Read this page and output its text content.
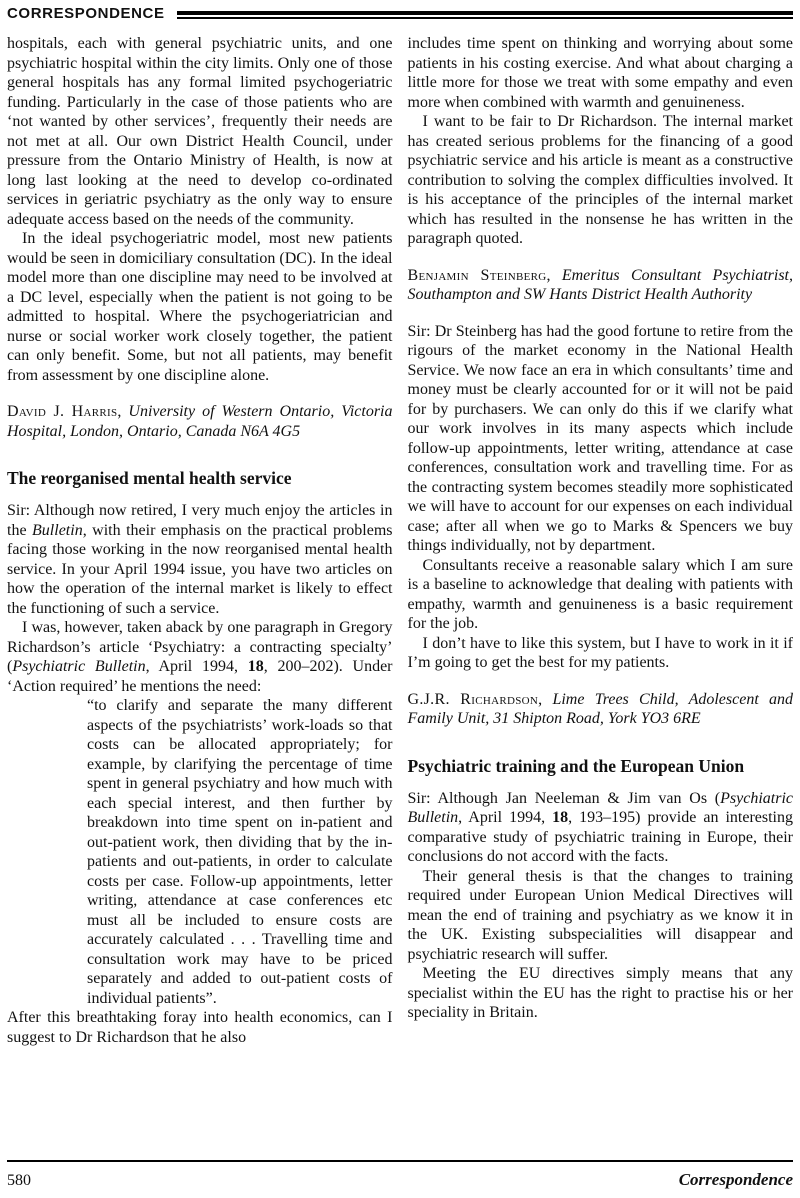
CORRESPONDENCE
hospitals, each with general psychiatric units, and one psychiatric hospital within the city limits. Only one of those general hospitals has any formal limited psychogeriatric funding. Particularly in the case of those patients who are ‘not wanted by other services’, frequently their needs are not met at all. Our own District Health Council, under pressure from the Ontario Ministry of Health, is now at long last looking at the need to develop co-ordinated services in geriatric psychiatry as the only way to ensure adequate access based on the needs of the community.
In the ideal psychogeriatric model, most new patients would be seen in domiciliary consultation (DC). In the ideal model more than one discipline may need to be involved at a DC level, especially when the patient is not going to be admitted to hospital. Where the psychogeriatrician and nurse or social worker work closely together, the patient can only benefit. Some, but not all patients, may benefit from assessment by one discipline alone.
David J. Harris, University of Western Ontario, Victoria Hospital, London, Ontario, Canada N6A 4G5
The reorganised mental health service
Sir: Although now retired, I very much enjoy the articles in the Bulletin, with their emphasis on the practical problems facing those working in the now reorganised mental health service. In your April 1994 issue, you have two articles on how the operation of the internal market is likely to effect the functioning of such a service.
I was, however, taken aback by one paragraph in Gregory Richardson’s article ‘Psychiatry: a contracting specialty’ (Psychiatric Bulletin, April 1994, 18, 200–202). Under ‘Action required’ he mentions the need:
“to clarify and separate the many different aspects of the psychiatrists’ work-loads so that costs can be allocated appropriately; for example, by clarifying the percentage of time spent in general psychiatry and how much with each special interest, and then further by breakdown into time spent on in-patient and out-patient work, then dividing that by the in-patients and out-patients, in order to calculate costs per case. Follow-up appointments, letter writing, attendance at case conferences etc must all be included to ensure costs are accurately calculated . . . Travelling time and consultation work may have to be priced separately and added to out-patient costs of individual patients”.
After this breathtaking foray into health economics, can I suggest to Dr Richardson that he also
includes time spent on thinking and worrying about some patients in his costing exercise. And what about charging a little more for those we treat with some empathy and even more when combined with warmth and genuineness.
I want to be fair to Dr Richardson. The internal market has created serious problems for the financing of a good psychiatric service and his article is meant as a constructive contribution to solving the complex difficulties involved. It is his acceptance of the principles of the internal market which has resulted in the nonsense he has written in the paragraph quoted.
Benjamin Steinberg, Emeritus Consultant Psychiatrist, Southampton and SW Hants District Health Authority
Sir: Dr Steinberg has had the good fortune to retire from the rigours of the market economy in the National Health Service. We now face an era in which consultants’ time and money must be clearly accounted for or it will not be paid for by purchasers. We can only do this if we clarify what our work involves in its many aspects which include follow-up appointments, letter writing, attendance at case conferences, consultation work and travelling time. For as the contracting system becomes steadily more sophisticated we will have to account for our expenses on each individual case; after all when we go to Marks & Spencers we buy things individually, not by department.
Consultants receive a reasonable salary which I am sure is a baseline to acknowledge that dealing with patients with empathy, warmth and genuineness is a basic requirement for the job.
I don’t have to like this system, but I have to work in it if I’m going to get the best for my patients.
G.J.R. Richardson, Lime Trees Child, Adolescent and Family Unit, 31 Shipton Road, York YO3 6RE
Psychiatric training and the European Union
Sir: Although Jan Neeleman & Jim van Os (Psychiatric Bulletin, April 1994, 18, 193–195) provide an interesting comparative study of psychiatric training in Europe, their conclusions do not accord with the facts.
Their general thesis is that the changes to training required under European Union Medical Directives will mean the end of training and psychiatry as we know it in the UK. Existing subspecialities will disappear and psychiatric research will suffer.
Meeting the EU directives simply means that any specialist within the EU has the right to practise his or her speciality in Britain.
580	Correspondence
